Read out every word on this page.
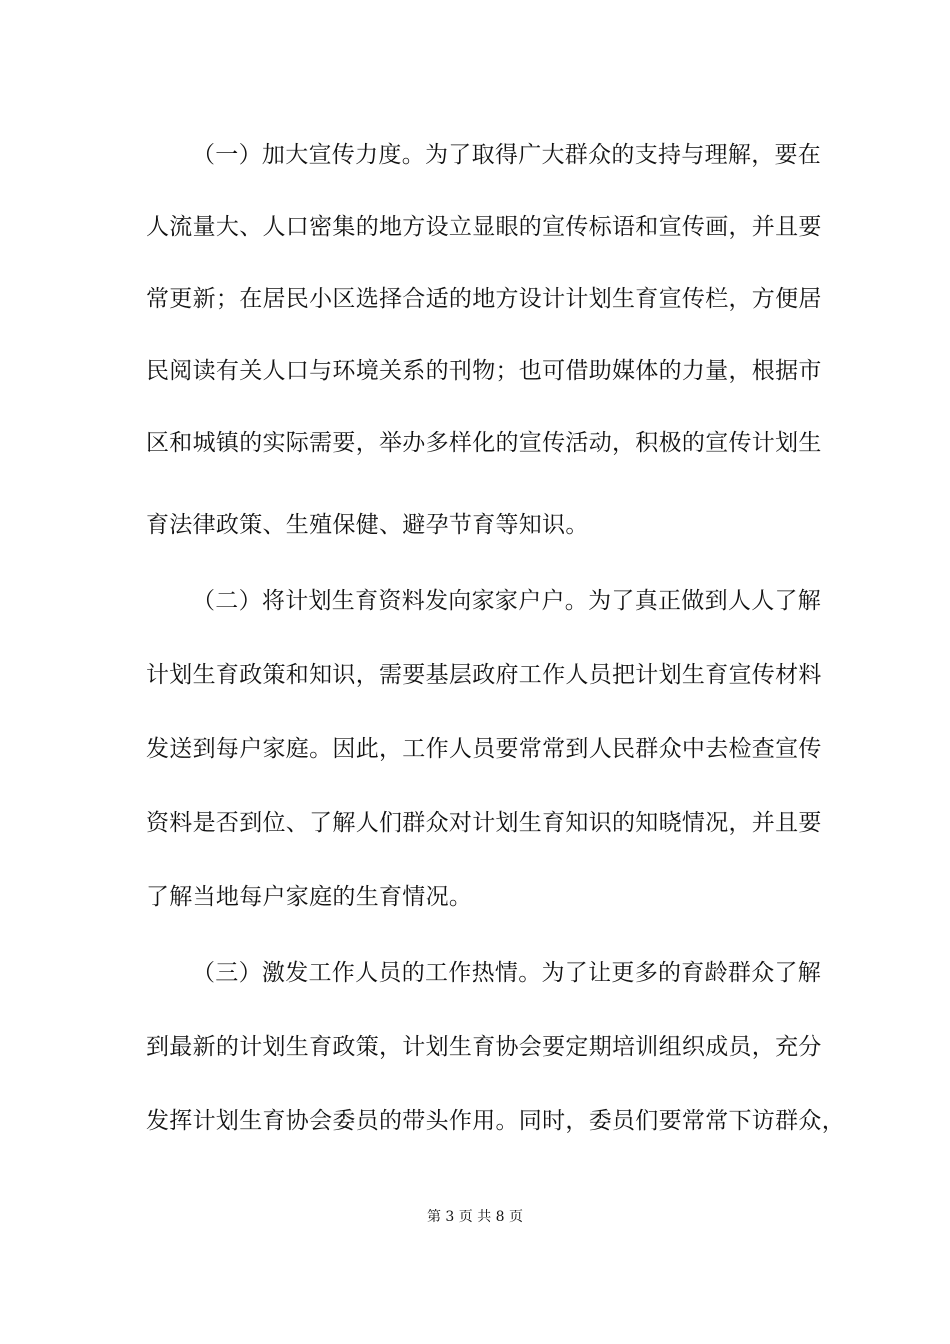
（一）加大宣传力度。为了取得广大群众的支持与理解，要在
人流量大、人口密集的地方设立显眼的宣传标语和宣传画，并且要
常更新；在居民小区选择合适的地方设计计划生育宣传栏，方便居
民阅读有关人口与环境关系的刊物；也可借助媒体的力量，根据市
区和城镇的实际需要，举办多样化的宣传活动，积极的宣传计划生
育法律政策、生殖保健、避孕节育等知识。
（二）将计划生育资料发向家家户户。为了真正做到人人了解
计划生育政策和知识，需要基层政府工作人员把计划生育宣传材料
发送到每户家庭。因此，工作人员要常常到人民群众中去检查宣传
资料是否到位、了解人们群众对计划生育知识的知晓情况，并且要
了解当地每户家庭的生育情况。
（三）激发工作人员的工作热情。为了让更多的育龄群众了解
到最新的计划生育政策，计划生育协会要定期培训组织成员，充分
发挥计划生育协会委员的带头作用。同时，委员们要常常下访群众，
第 3 页 共 8 页
